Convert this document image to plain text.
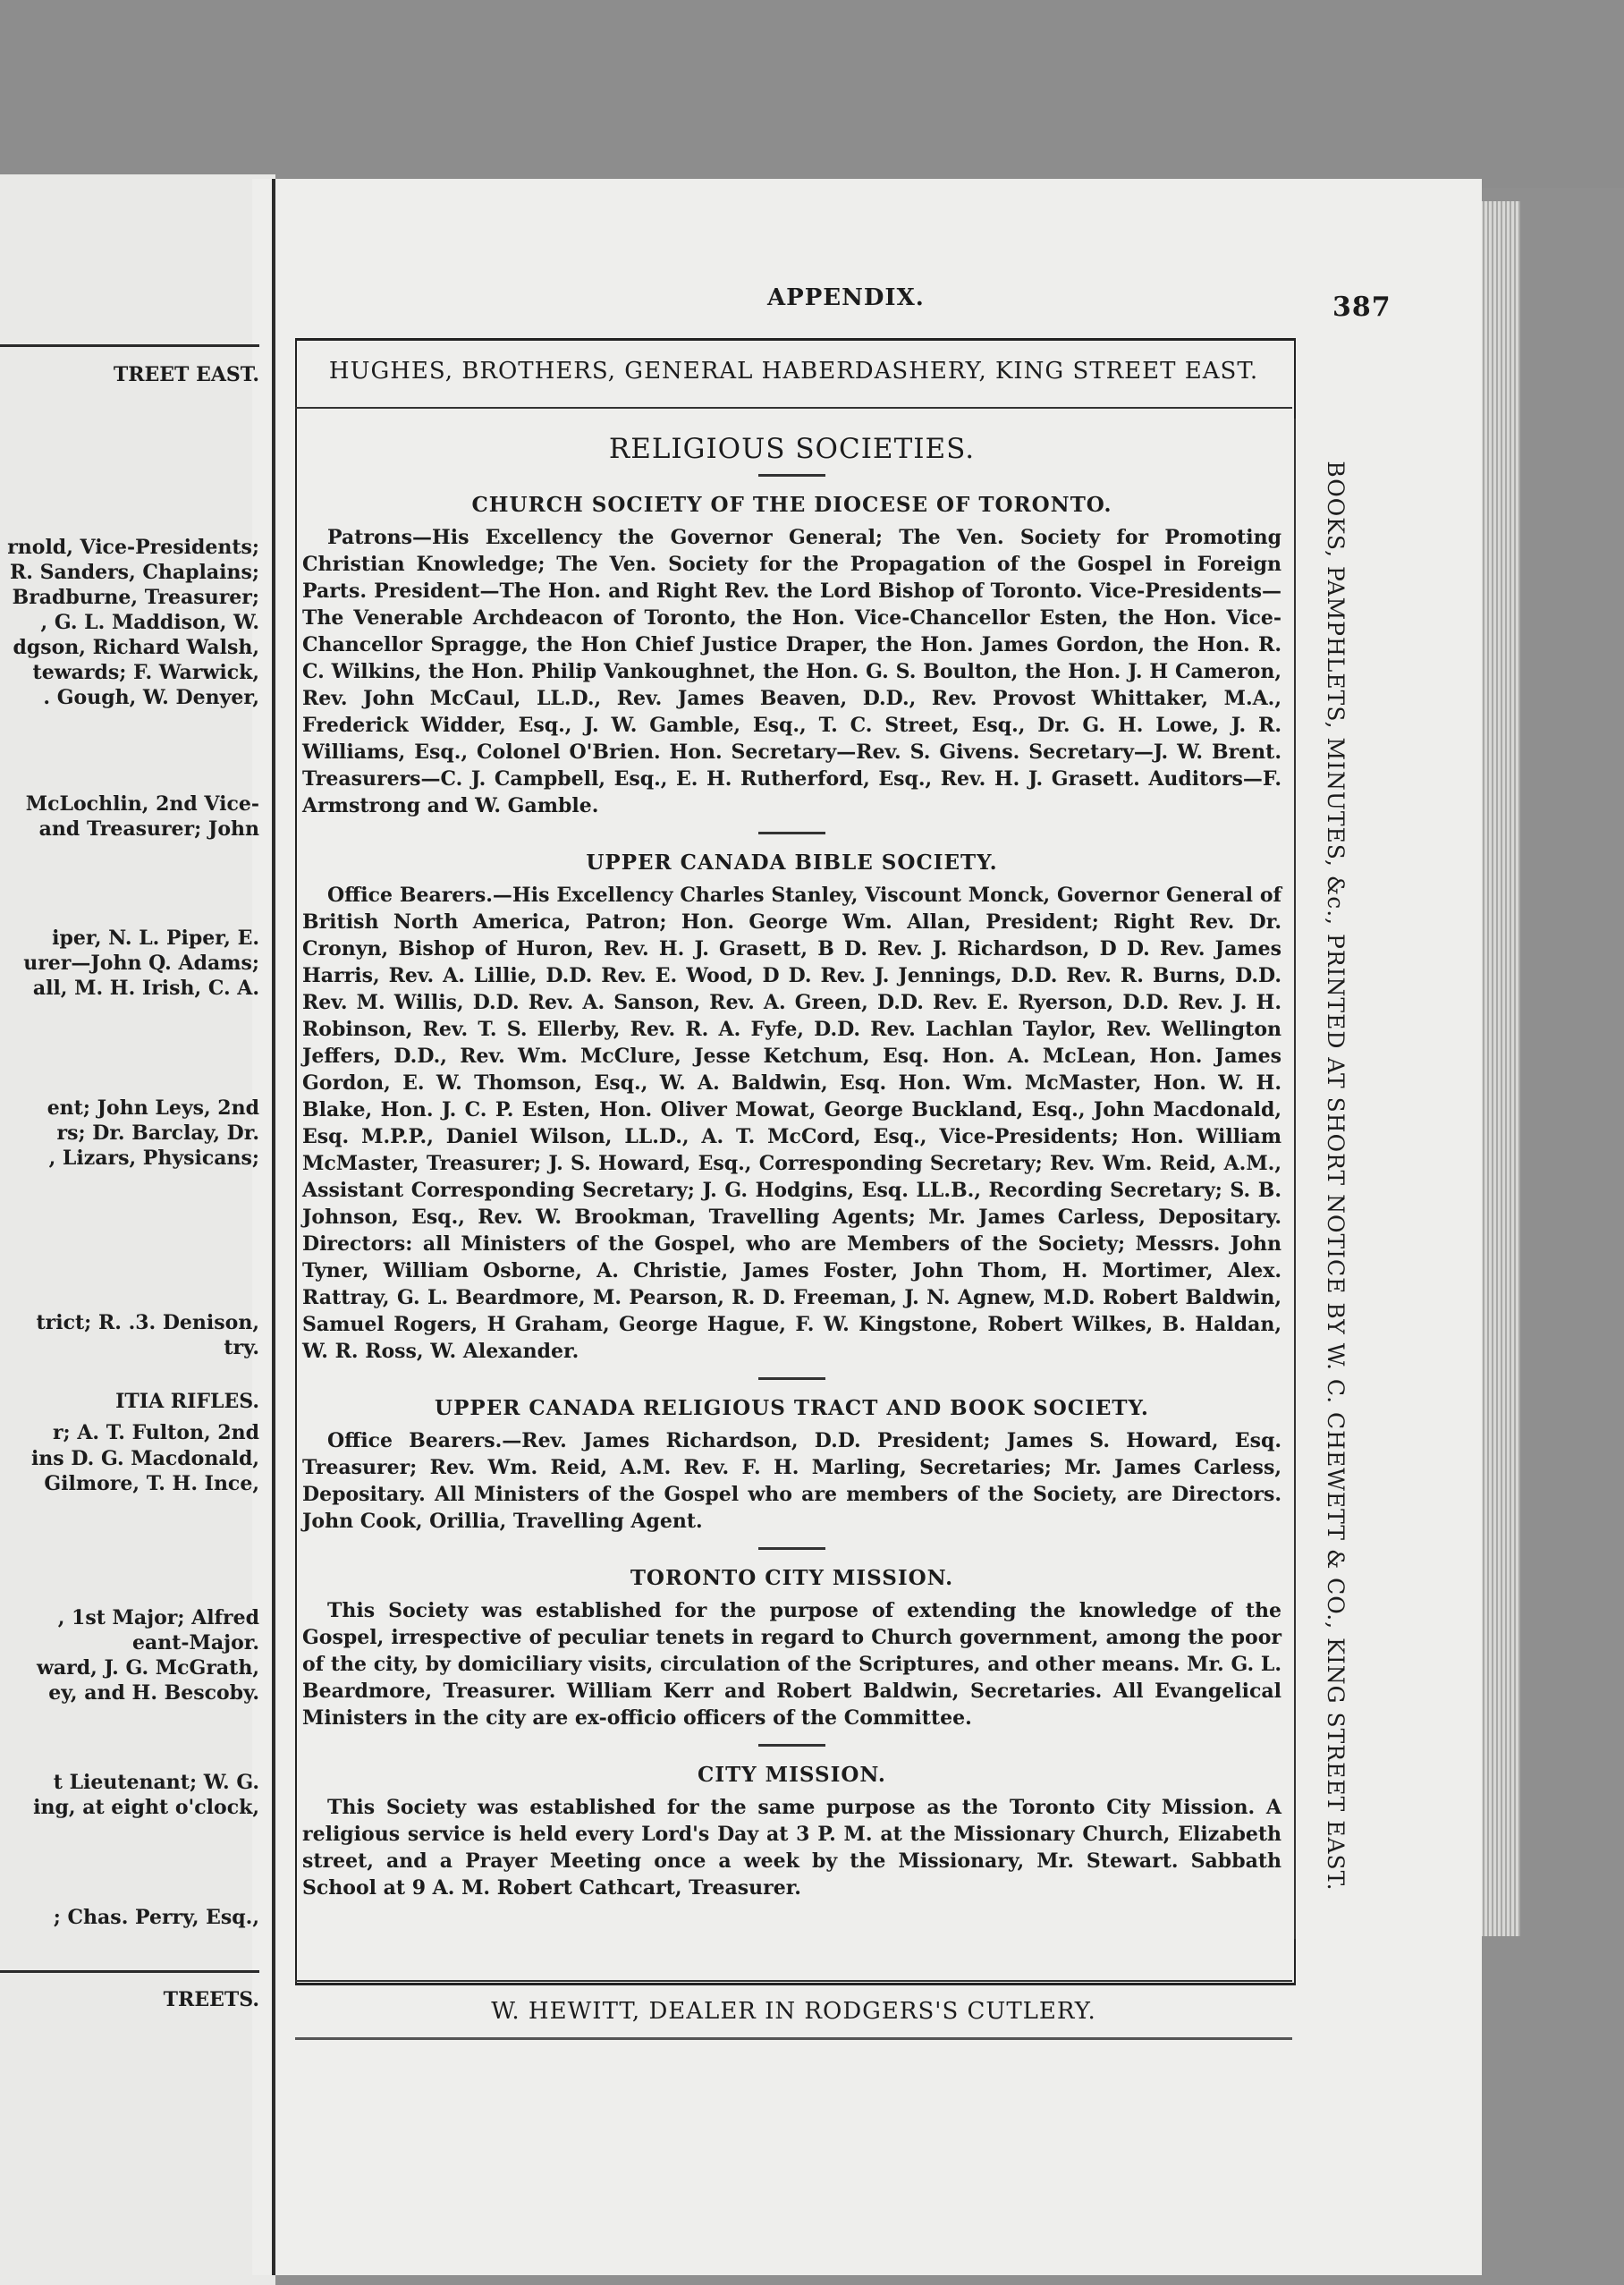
TREET EAST.
rnold, Vice-Presidents;
R. Sanders, Chaplains;
Bradburne, Treasurer;
, G. L. Maddison, W.
dgson, Richard Walsh,
tewards; F. Warwick,
. Gough, W. Denyer,
McLochlin, 2nd Vice-
and Treasurer; John
iper, N. L. Piper, E.
urer—John Q. Adams;
all, M. H. Irish, C. A.
ent; John Leys, 2nd
rs; Dr. Barclay, Dr.
, Lizars, Physicans;
trict; R. .3. Denison,
try.
ITIA RIFLES.
r; A. T. Fulton, 2nd
ins D. G. Macdonald,
Gilmore, T. H. Ince,
, 1st Major; Alfred
eant-Major.
ward, J. G. McGrath,
ey, and H. Bescoby.
t Lieutenant; W. G.
ing, at eight o'clock,
; Chas. Perry, Esq.,
TREETS.
APPENDIX.	387
HUGHES, BROTHERS, GENERAL HABERDASHERY, KING STREET EAST.
BOOKS, PAMPHLETS, MINUTES, &c., PRINTED AT SHORT NOTICE BY W. C. CHEWETT & CO., KING STREET EAST.
RELIGIOUS SOCIETIES.
CHURCH SOCIETY OF THE DIOCESE OF TORONTO.
Patrons—His Excellency the Governor General; The Ven. Society for Promoting Christian Knowledge; The Ven. Society for the Propagation of the Gospel in Foreign Parts. President—The Hon. and Right Rev. the Lord Bishop of Toronto. Vice-Presidents—The Venerable Archdeacon of Toronto, the Hon. Vice-Chancellor Esten, the Hon. Vice-Chancellor Spragge, the Hon Chief Justice Draper, the Hon. James Gordon, the Hon. R. C. Wilkins, the Hon. Philip Vankoughnet, the Hon. G. S. Boulton, the Hon. J. H Cameron, Rev. John McCaul, LL.D., Rev. James Beaven, D.D., Rev. Provost Whittaker, M.A., Frederick Widder, Esq., J. W. Gamble, Esq., T. C. Street, Esq., Dr. G. H. Lowe, J. R. Williams, Esq., Colonel O'Brien. Hon. Secretary—Rev. S. Givens. Secretary—J. W. Brent. Treasurers—C. J. Campbell, Esq., E. H. Rutherford, Esq., Rev. H. J. Grasett. Auditors—F. Armstrong and W. Gamble.
UPPER CANADA BIBLE SOCIETY.
Office Bearers.—His Excellency Charles Stanley, Viscount Monck, Governor General of British North America, Patron; Hon. George Wm. Allan, President; Right Rev. Dr. Cronyn, Bishop of Huron, Rev. H. J. Grasett, B D. Rev. J. Richardson, D D. Rev. James Harris, Rev. A. Lillie, D.D. Rev. E. Wood, D D. Rev. J. Jennings, D.D. Rev. R. Burns, D.D. Rev. M. Willis, D.D. Rev. A. Sanson, Rev. A. Green, D.D. Rev. E. Ryerson, D.D. Rev. J. H. Robinson, Rev. T. S. Ellerby, Rev. R. A. Fyfe, D.D. Rev. Lachlan Taylor, Rev. Wellington Jeffers, D.D., Rev. Wm. McClure, Jesse Ketchum, Esq. Hon. A. McLean, Hon. James Gordon, E. W. Thomson, Esq., W. A. Baldwin, Esq. Hon. Wm. McMaster, Hon. W. H. Blake, Hon. J. C. P. Esten, Hon. Oliver Mowat, George Buckland, Esq., John Macdonald, Esq. M.P.P., Daniel Wilson, LL.D., A. T. McCord, Esq., Vice-Presidents; Hon. William McMaster, Treasurer; J. S. Howard, Esq., Corresponding Secretary; Rev. Wm. Reid, A.M., Assistant Corresponding Secretary; J. G. Hodgins, Esq. LL.B., Recording Secretary; S. B. Johnson, Esq., Rev. W. Brookman, Travelling Agents; Mr. James Carless, Depositary. Directors: all Ministers of the Gospel, who are Members of the Society; Messrs. John Tyner, William Osborne, A. Christie, James Foster, John Thom, H. Mortimer, Alex. Rattray, G. L. Beardmore, M. Pearson, R. D. Freeman, J. N. Agnew, M.D. Robert Baldwin, Samuel Rogers, H Graham, George Hague, F. W. Kingstone, Robert Wilkes, B. Haldan, W. R. Ross, W. Alexander.
UPPER CANADA RELIGIOUS TRACT AND BOOK SOCIETY.
Office Bearers.—Rev. James Richardson, D.D. President; James S. Howard, Esq. Treasurer; Rev. Wm. Reid, A.M. Rev. F. H. Marling, Secretaries; Mr. James Carless, Depositary. All Ministers of the Gospel who are members of the Society, are Directors. John Cook, Orillia, Travelling Agent.
TORONTO CITY MISSION.
This Society was established for the purpose of extending the knowledge of the Gospel, irrespective of peculiar tenets in regard to Church government, among the poor of the city, by domiciliary visits, circulation of the Scriptures, and other means. Mr. G. L. Beardmore, Treasurer. William Kerr and Robert Baldwin, Secretaries. All Evangelical Ministers in the city are ex-officio officers of the Committee.
CITY MISSION.
This Society was established for the same purpose as the Toronto City Mission. A religious service is held every Lord's Day at 3 P. M. at the Missionary Church, Elizabeth street, and a Prayer Meeting once a week by the Missionary, Mr. Stewart. Sabbath School at 9 A. M. Robert Cathcart, Treasurer.
W. HEWITT, DEALER IN RODGERS'S CUTLERY.
